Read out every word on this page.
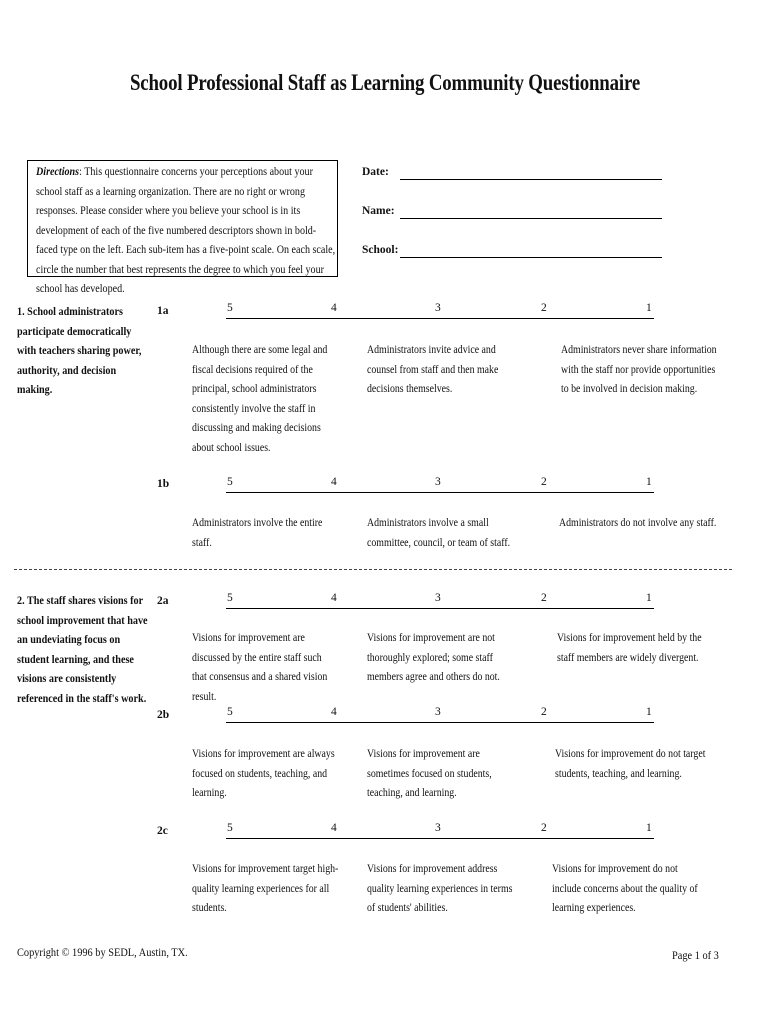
School Professional Staff as Learning Community Questionnaire
Directions: This questionnaire concerns your perceptions about your school staff as a learning organization. There are no right or wrong responses. Please consider where you believe your school is in its development of each of the five numbered descriptors shown in bold-faced type on the left. Each sub-item has a five-point scale. On each scale, circle the number that best represents the degree to which you feel your school has developed.
Date:
Name:
School:
1. School administrators participate democratically with teachers sharing power, authority, and decision making.
1a	5	4	3	2	1
Although there are some legal and fiscal decisions required of the principal, school administrators consistently involve the staff in discussing and making decisions about school issues.
Administrators invite advice and counsel from staff and then make decisions themselves.
Administrators never share information with the staff nor provide opportunities to be involved in decision making.
1b	5	4	3	2	1
Administrators involve the entire staff.
Administrators involve a small committee, council, or team of staff.
Administrators do not involve any staff.
2. The staff shares visions for school improvement that have an undeviating focus on student learning, and these visions are consistently referenced in the staff's work.
2a	5	4	3	2	1
Visions for improvement are discussed by the entire staff such that consensus and a shared vision result.
Visions for improvement are not thoroughly explored; some staff members agree and others do not.
Visions for improvement held by the staff members are widely divergent.
2b	5	4	3	2	1
Visions for improvement are always focused on students, teaching, and learning.
Visions for improvement are sometimes focused on students, teaching, and learning.
Visions for improvement do not target students, teaching, and learning.
2c	5	4	3	2	1
Visions for improvement target high-quality learning experiences for all students.
Visions for improvement address quality learning experiences in terms of students' abilities.
Visions for improvement do not include concerns about the quality of learning experiences.
Copyright © 1996 by SEDL, Austin, TX.	Page 1 of 3
